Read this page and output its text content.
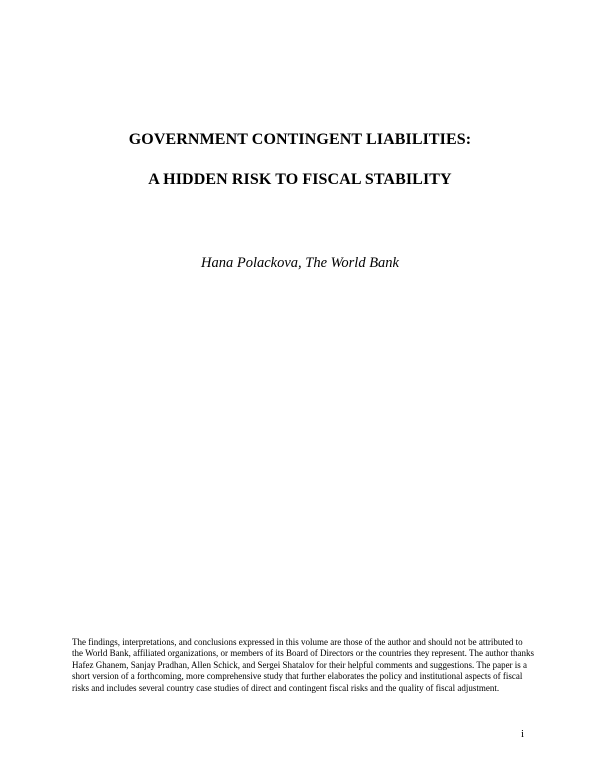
GOVERNMENT CONTINGENT LIABILITIES:
A HIDDEN RISK TO FISCAL STABILITY
Hana Polackova, The World Bank
The findings, interpretations, and conclusions expressed in this volume are those of the author and should not be attributed to the World Bank, affiliated organizations, or members of its Board of Directors or the countries they represent. The author thanks Hafez Ghanem, Sanjay Pradhan, Allen Schick, and Sergei Shatalov for their helpful comments and suggestions. The paper is a short version of a forthcoming, more comprehensive study that further elaborates the policy and institutional aspects of fiscal risks and includes several country case studies of direct and contingent fiscal risks and the quality of fiscal adjustment.
i
